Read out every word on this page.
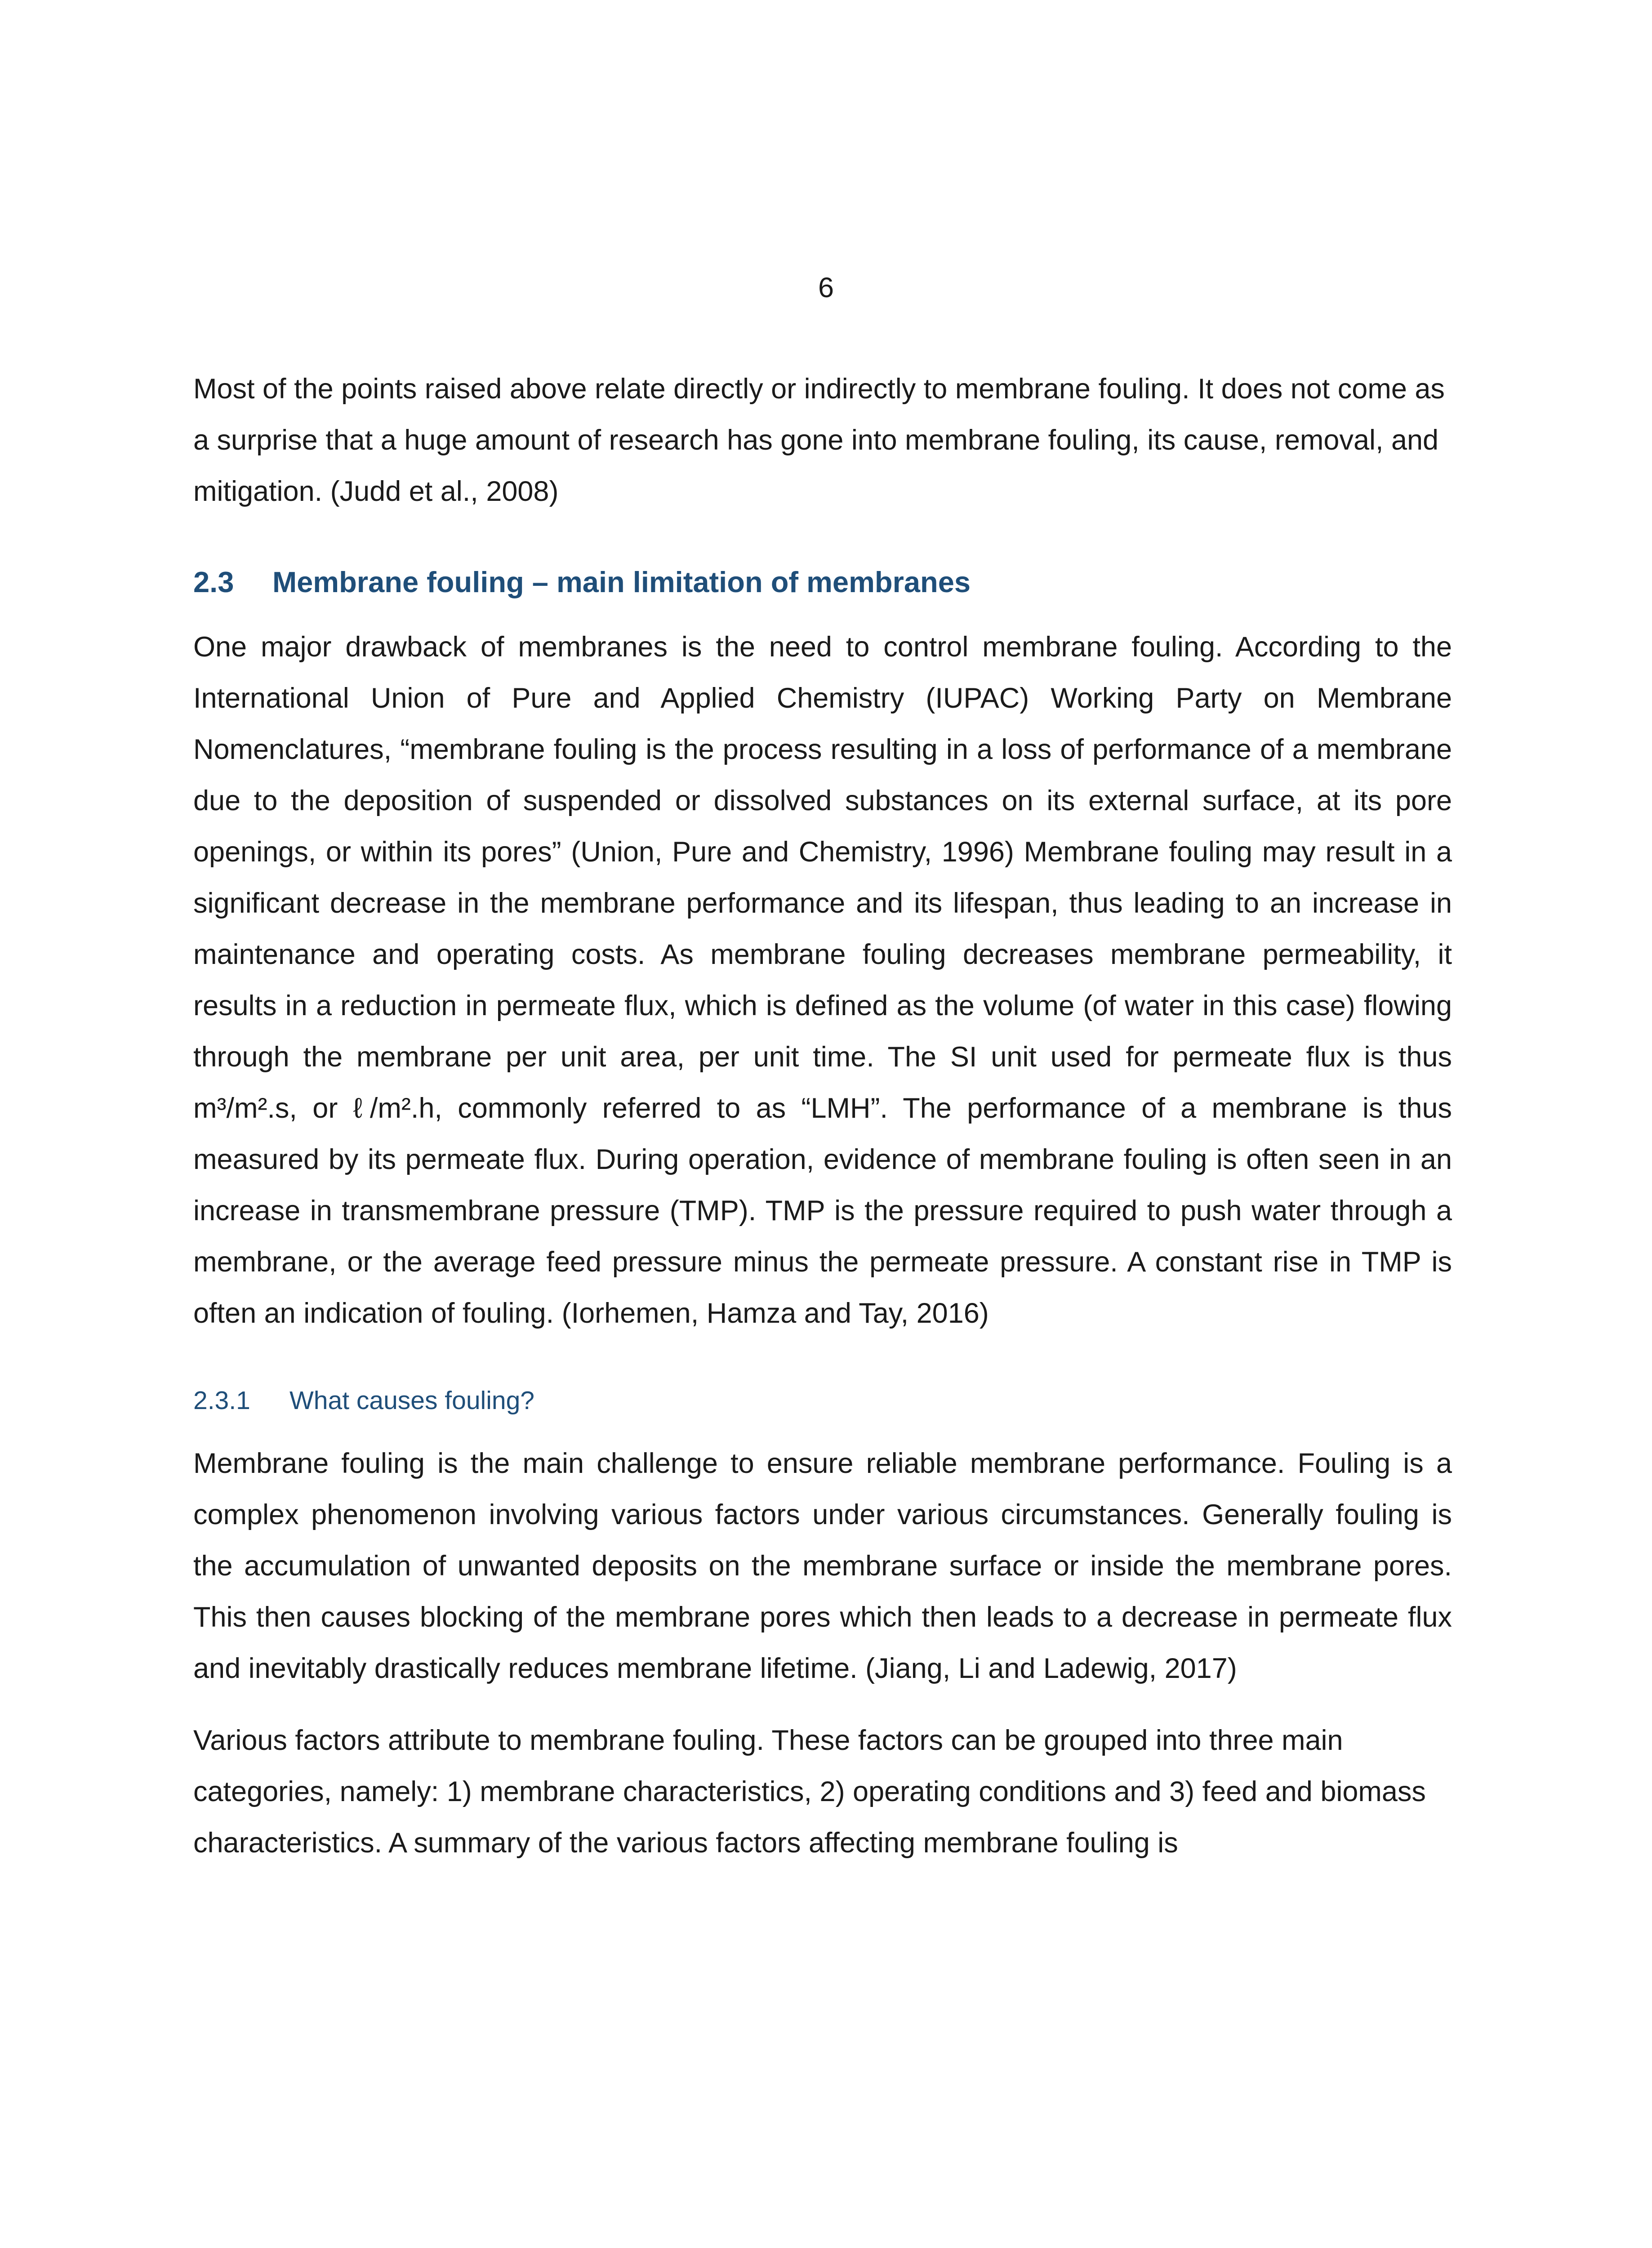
6

Most of the points raised above relate directly or indirectly to membrane fouling. It does not come as a surprise that a huge amount of research has gone into membrane fouling, its cause, removal, and mitigation. (Judd et al., 2008)

2.3 Membrane fouling – main limitation of membranes

One major drawback of membranes is the need to control membrane fouling. According to the International Union of Pure and Applied Chemistry (IUPAC) Working Party on Membrane Nomenclatures, “membrane fouling is the process resulting in a loss of performance of a membrane due to the deposition of suspended or dissolved substances on its external surface, at its pore openings, or within its pores” (Union, Pure and Chemistry, 1996) Membrane fouling may result in a significant decrease in the membrane performance and its lifespan, thus leading to an increase in maintenance and operating costs. As membrane fouling decreases membrane permeability, it results in a reduction in permeate flux, which is defined as the volume (of water in this case) flowing through the membrane per unit area, per unit time. The SI unit used for permeate flux is thus m³/m².s, or ℓ/m².h, commonly referred to as “LMH”. The performance of a membrane is thus measured by its permeate flux. During operation, evidence of membrane fouling is often seen in an increase in transmembrane pressure (TMP). TMP is the pressure required to push water through a membrane, or the average feed pressure minus the permeate pressure. A constant rise in TMP is often an indication of fouling. (Iorhemen, Hamza and Tay, 2016)

2.3.1 What causes fouling?

Membrane fouling is the main challenge to ensure reliable membrane performance. Fouling is a complex phenomenon involving various factors under various circumstances. Generally fouling is the accumulation of unwanted deposits on the membrane surface or inside the membrane pores. This then causes blocking of the membrane pores which then leads to a decrease in permeate flux and inevitably drastically reduces membrane lifetime. (Jiang, Li and Ladewig, 2017)

Various factors attribute to membrane fouling. These factors can be grouped into three main categories, namely: 1) membrane characteristics, 2) operating conditions and 3) feed and biomass characteristics. A summary of the various factors affecting membrane fouling is
